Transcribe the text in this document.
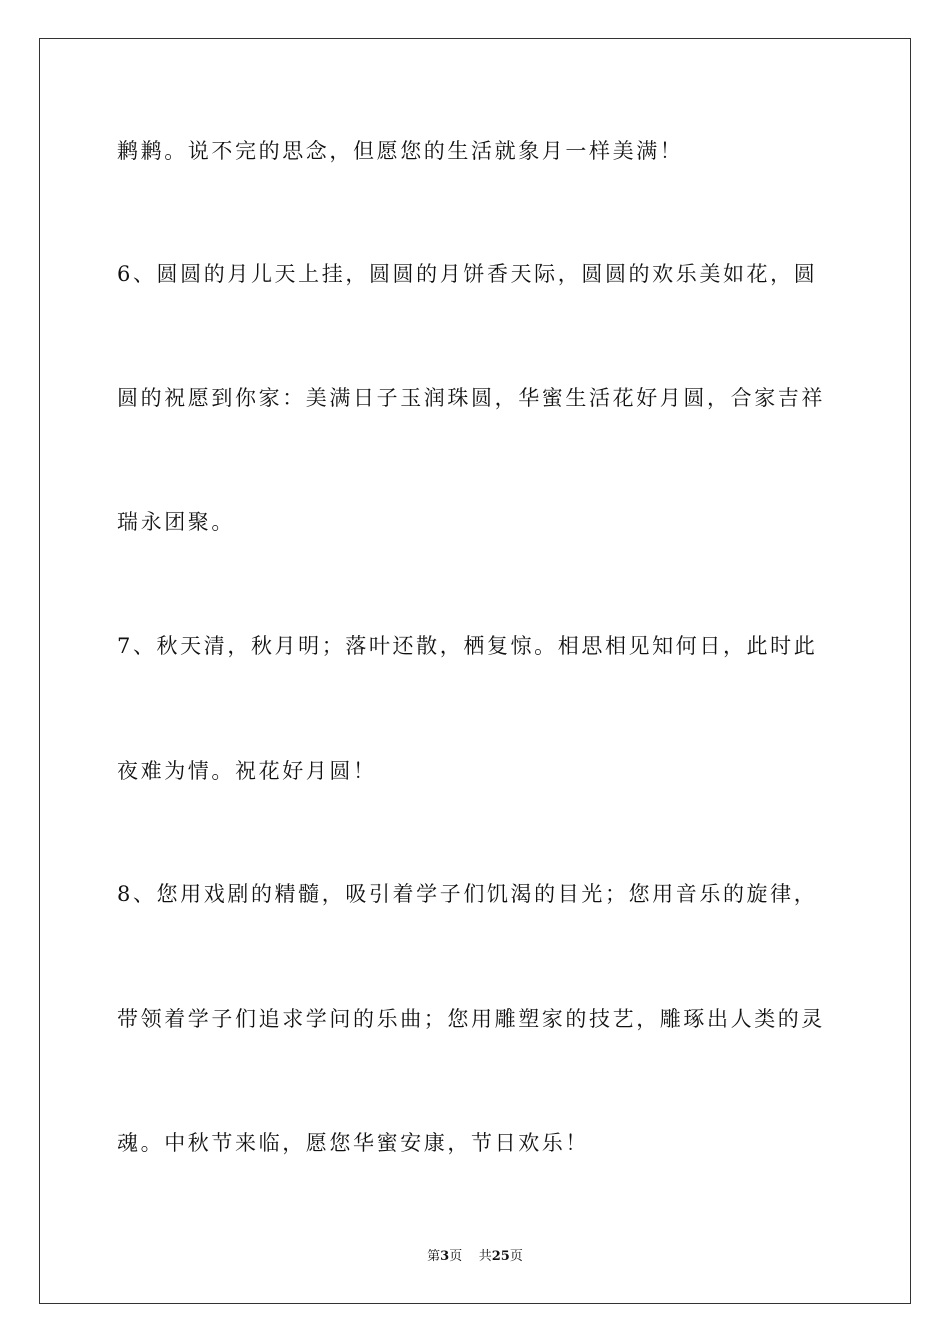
鹣鹣。说不完的思念，但愿您的生活就象月一样美满！
6、圆圆的月儿天上挂，圆圆的月饼香天际，圆圆的欢乐美如花，圆
圆的祝愿到你家：美满日子玉润珠圆，华蜜生活花好月圆，合家吉祥
瑞永团聚。
7、秋天清，秋月明；落叶还散，栖复惊。相思相见知何日，此时此
夜难为情。祝花好月圆！
8、您用戏剧的精髓，吸引着学子们饥渴的目光；您用音乐的旋律，
带领着学子们追求学问的乐曲；您用雕塑家的技艺，雕琢出人类的灵
魂。中秋节来临，愿您华蜜安康，节日欢乐！
第3页 共25页
